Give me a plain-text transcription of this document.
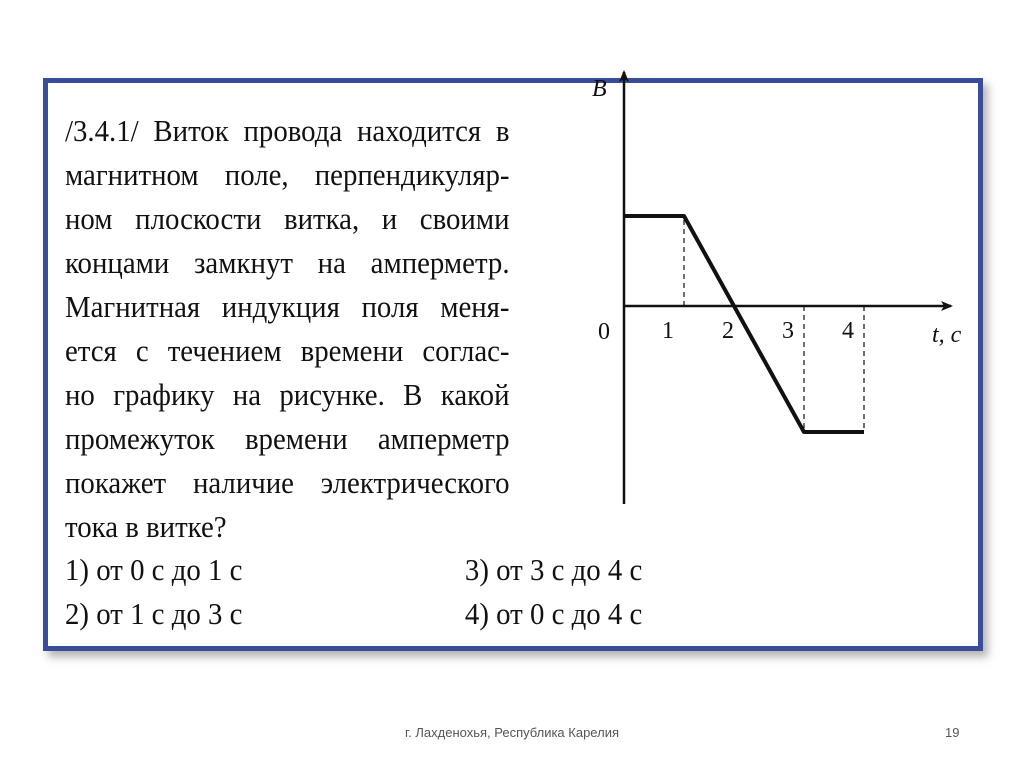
/3.4.1/ Виток провода находится в
магнитном поле, перпендикуляр-
ном плоскости витка, и своими
концами замкнут на амперметр.
Магнитная индукция поля меня-
ется с течением времени соглас-
но графику на рисунке. В какой
промежуток времени амперметр
покажет наличие электрического
тока в витке?
B
t, c
0 1 2 3 4
1) от 0 с до 1 с	3) от 3 с до 4 с
2) от 1 с до 3 с	4) от 0 с до 4 с
г. Лахденохья, Республика Карелия	19
